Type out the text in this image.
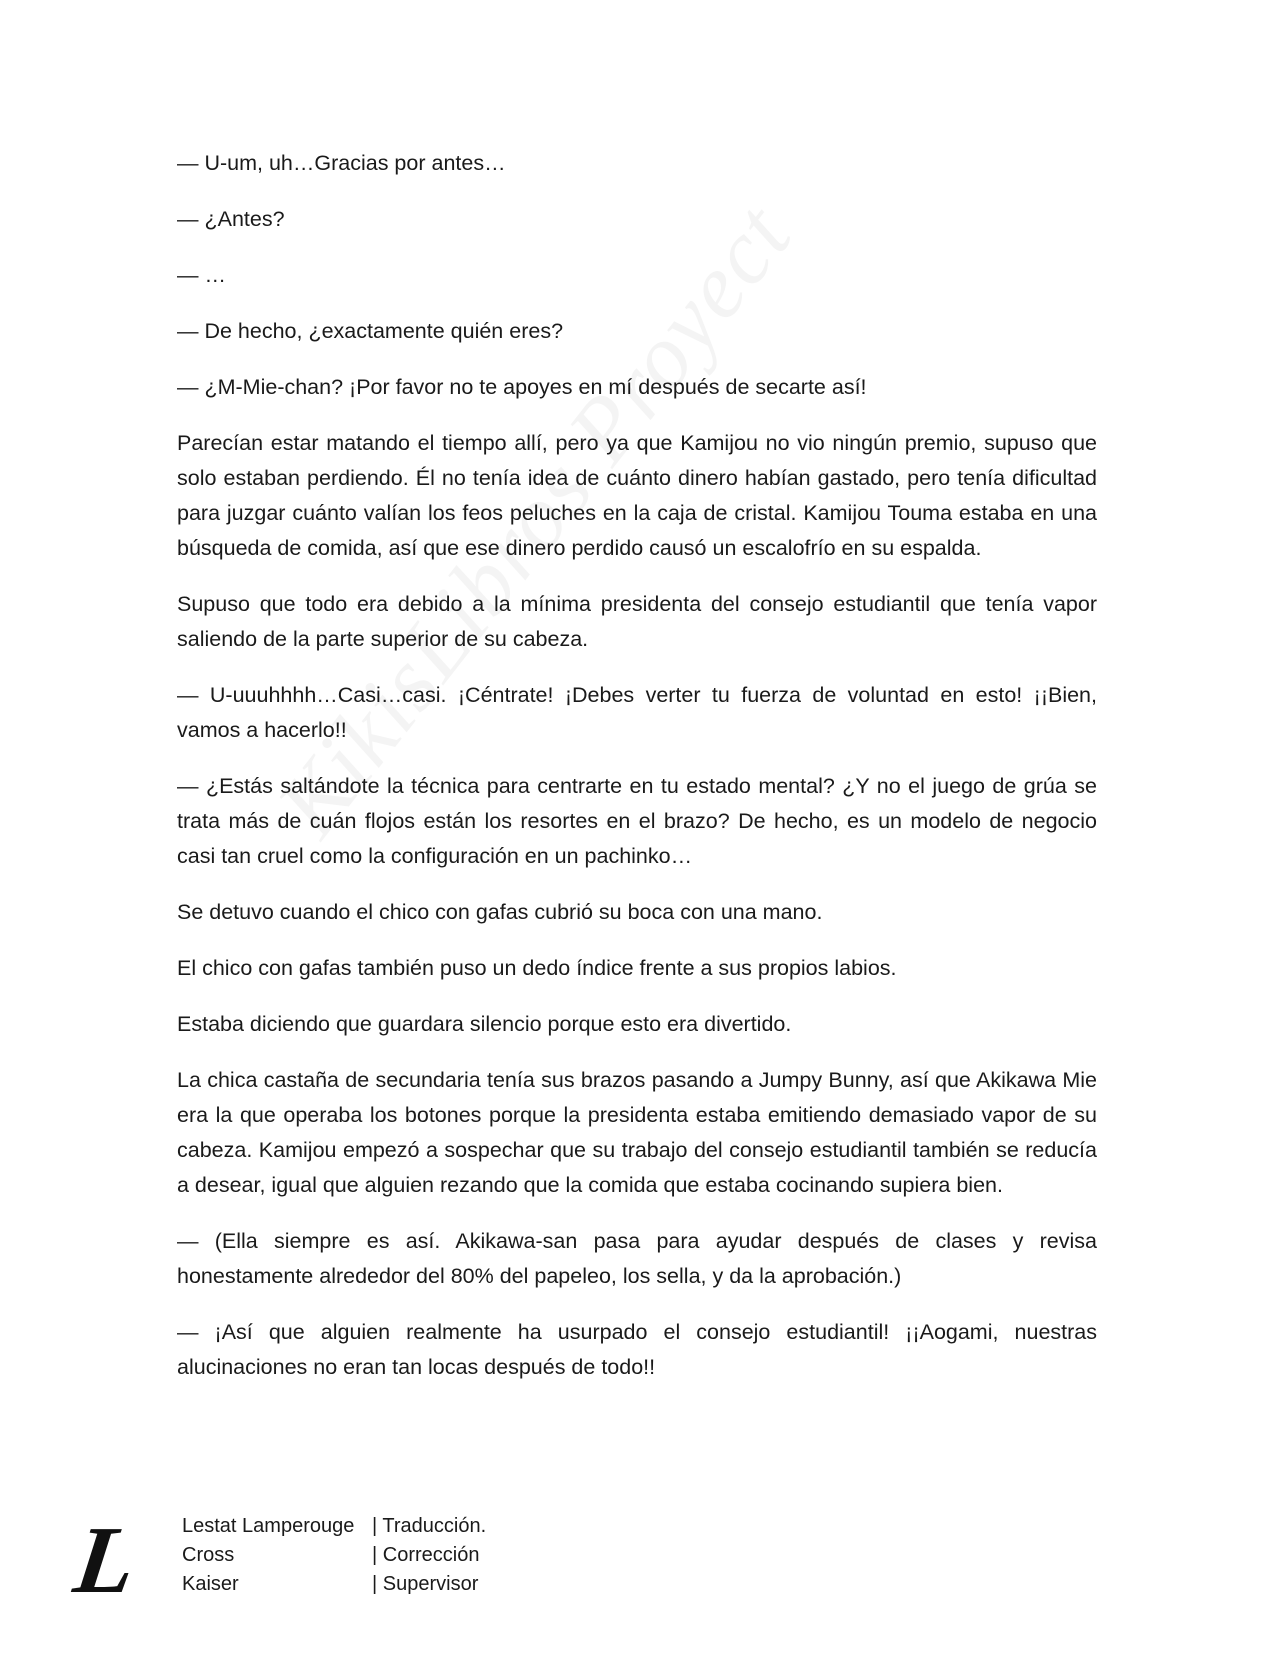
— U-um, uh…Gracias por antes…

— ¿Antes?

— …

— De hecho, ¿exactamente quién eres?

— ¿M-Mie-chan? ¡Por favor no te apoyes en mí después de secarte así!

Parecían estar matando el tiempo allí, pero ya que Kamijou no vio ningún premio, supuso que solo estaban perdiendo. Él no tenía idea de cuánto dinero habían gastado, pero tenía dificultad para juzgar cuánto valían los feos peluches en la caja de cristal. Kamijou Touma estaba en una búsqueda de comida, así que ese dinero perdido causó un escalofrío en su espalda.

Supuso que todo era debido a la mínima presidenta del consejo estudiantil que tenía vapor saliendo de la parte superior de su cabeza.

— U-uuuhhhh…Casi…casi. ¡Céntrate! ¡Debes verter tu fuerza de voluntad en esto! ¡¡Bien, vamos a hacerlo!!

— ¿Estás saltándote la técnica para centrarte en tu estado mental? ¿Y no el juego de grúa se trata más de cuán flojos están los resortes en el brazo? De hecho, es un modelo de negocio casi tan cruel como la configuración en un pachinko…

Se detuvo cuando el chico con gafas cubrió su boca con una mano.

El chico con gafas también puso un dedo índice frente a sus propios labios.

Estaba diciendo que guardara silencio porque esto era divertido.

La chica castaña de secundaria tenía sus brazos pasando a Jumpy Bunny, así que Akikawa Mie era la que operaba los botones porque la presidenta estaba emitiendo demasiado vapor de su cabeza. Kamijou empezó a sospechar que su trabajo del consejo estudiantil también se reducía a desear, igual que alguien rezando que la comida que estaba cocinando supiera bien.

— (Ella siempre es así. Akikawa-san pasa para ayudar después de clases y revisa honestamente alrededor del 80% del papeleo, los sella, y da la aprobación.)

— ¡Así que alguien realmente ha usurpado el consejo estudiantil! ¡¡Aogami, nuestras alucinaciones no eran tan locas después de todo!!

L Lestat Lamperouge | Traducción.
Cross	| Corrección
Kaiser	| Supervisor
